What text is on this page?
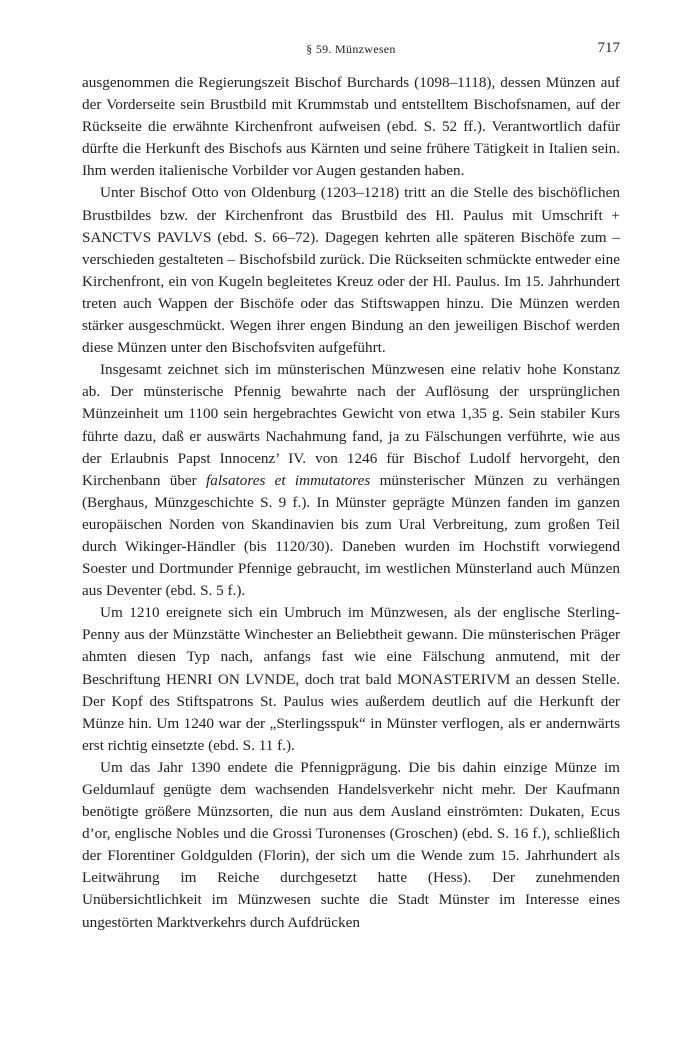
§ 59. Münzwesen	717

ausgenommen die Regierungszeit Bischof Burchards (1098–1118), dessen Münzen auf der Vorderseite sein Brustbild mit Krummstab und entstelltem Bischofsnamen, auf der Rückseite die erwähnte Kirchenfront aufweisen (ebd. S. 52 ff.). Verantwortlich dafür dürfte die Herkunft des Bischofs aus Kärnten und seine frühere Tätigkeit in Italien sein. Ihm werden italienische Vorbilder vor Augen gestanden haben.

Unter Bischof Otto von Oldenburg (1203–1218) tritt an die Stelle des bischöflichen Brustbildes bzw. der Kirchenfront das Brustbild des Hl. Paulus mit Umschrift + SANCTVS PAVLVS (ebd. S. 66–72). Dagegen kehrten alle späteren Bischöfe zum – verschieden gestalteten – Bischofsbild zurück. Die Rückseiten schmückte entweder eine Kirchenfront, ein von Kugeln begleitetes Kreuz oder der Hl. Paulus. Im 15. Jahrhundert treten auch Wappen der Bischöfe oder das Stiftswappen hinzu. Die Münzen werden stärker ausgeschmückt. Wegen ihrer engen Bindung an den jeweiligen Bischof werden diese Münzen unter den Bischofsviten aufgeführt.

Insgesamt zeichnet sich im münsterischen Münzwesen eine relativ hohe Konstanz ab. Der münsterische Pfennig bewahrte nach der Auflösung der ursprünglichen Münzeinheit um 1100 sein hergebrachtes Gewicht von etwa 1,35 g. Sein stabiler Kurs führte dazu, daß er auswärts Nachahmung fand, ja zu Fälschungen verführte, wie aus der Erlaubnis Papst Innocenz’ IV. von 1246 für Bischof Ludolf hervorgeht, den Kirchenbann über falsatores et immutatores münsterischer Münzen zu verhängen (Berghaus, Münzgeschichte S. 9 f.). In Münster geprägte Münzen fanden im ganzen europäischen Norden von Skandinavien bis zum Ural Verbreitung, zum großen Teil durch Wikinger-Händler (bis 1120/30). Daneben wurden im Hochstift vorwiegend Soester und Dortmunder Pfennige gebraucht, im westlichen Münsterland auch Münzen aus Deventer (ebd. S. 5 f.).

Um 1210 ereignete sich ein Umbruch im Münzwesen, als der englische Sterling-Penny aus der Münzstätte Winchester an Beliebtheit gewann. Die münsterischen Präger ahmten diesen Typ nach, anfangs fast wie eine Fälschung anmutend, mit der Beschriftung HENRI ON LVNDE, doch trat bald MONASTERIVM an dessen Stelle. Der Kopf des Stiftspatrons St. Paulus wies außerdem deutlich auf die Herkunft der Münze hin. Um 1240 war der „Sterlingsspuk“ in Münster verflogen, als er andernwärts erst richtig einsetzte (ebd. S. 11 f.).

Um das Jahr 1390 endete die Pfennigprägung. Die bis dahin einzige Münze im Geldumlauf genügte dem wachsenden Handelsverkehr nicht mehr. Der Kaufmann benötigte größere Münzsorten, die nun aus dem Ausland einströmten: Dukaten, Ecus d’or, englische Nobles und die Grossi Turonenses (Groschen) (ebd. S. 16 f.), schließlich der Florentiner Goldgulden (Florin), der sich um die Wende zum 15. Jahrhundert als Leitwährung im Reiche durchgesetzt hatte (Hess). Der zunehmenden Unübersichtlichkeit im Münzwesen suchte die Stadt Münster im Interesse eines ungestörten Marktverkehrs durch Aufdrücken
